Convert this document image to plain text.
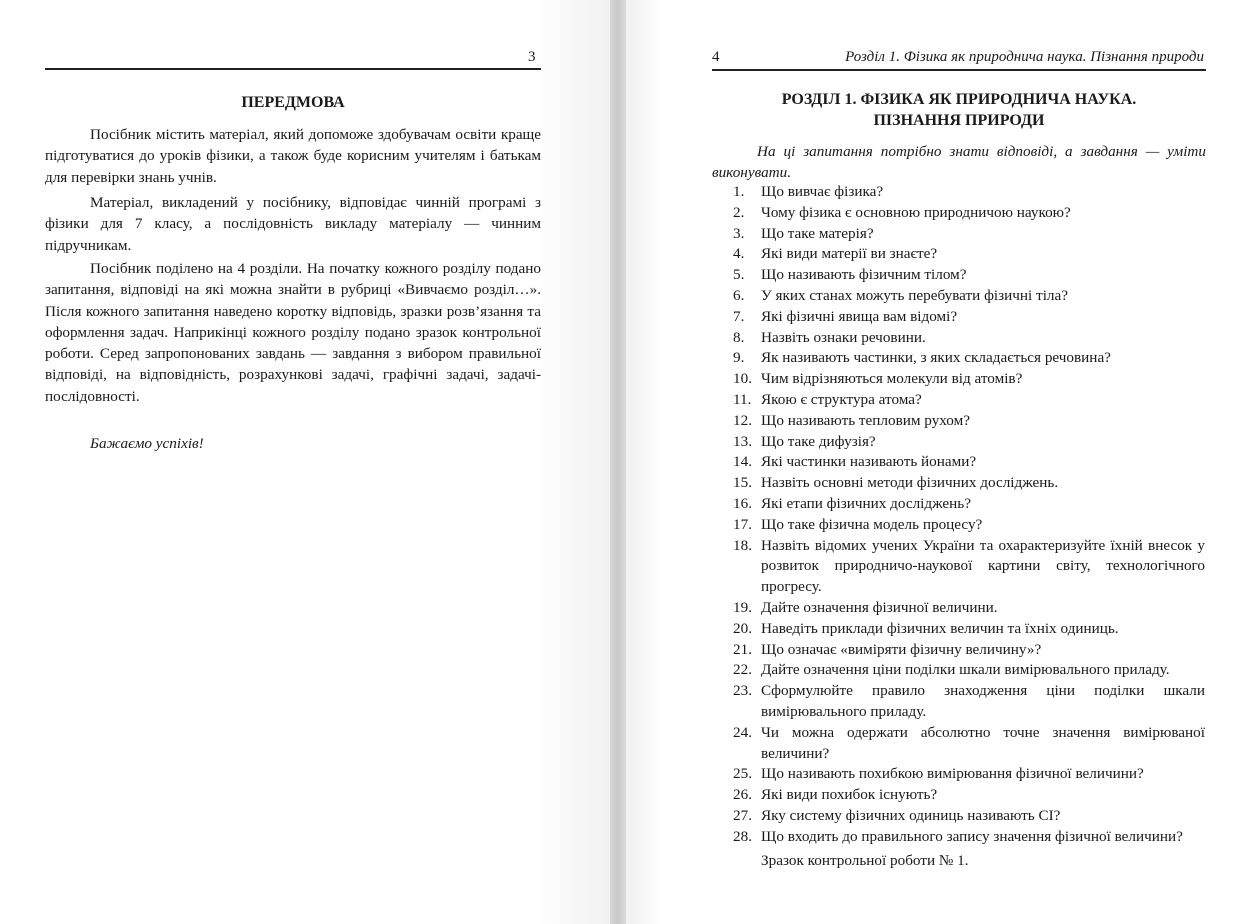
3
ПЕРЕДМОВА
Посібник містить матеріал, який допоможе здобувачам освіти краще підготуватися до уроків фізики, а також буде корисним учителям і батькам для перевірки знань учнів.
Матеріал, викладений у посібнику, відповідає чинній програмі з фізики для 7 класу, а послідовність викладу матеріалу — чинним підручникам.
Посібник поділено на 4 розділи. На початку кожного розділу подано запитання, відповіді на які можна знайти в рубриці «Вивчаємо розділ…». Після кожного запитання наведено коротку відповідь, зразки розв’язання та оформлення задач. Наприкінці кожного розділу подано зразок контрольної роботи. Серед запропонованих завдань — завдання з вибором правильної відповіді, на відповідність, розрахункові задачі, графічні задачі, задачі-послідовності.
Бажаємо успіхів!
4	Розділ 1. Фізика як природнича наука. Пізнання природи
РОЗДІЛ 1. ФІЗИКА ЯК ПРИРОДНИЧА НАУКА.
ПІЗНАННЯ ПРИРОДИ
На ці запитання потрібно знати відповіді, а завдання — уміти виконувати.
1. Що вивчає фізика?
2. Чому фізика є основною природничою наукою?
3. Що таке матерія?
4. Які види матерії ви знаєте?
5. Що називають фізичним тілом?
6. У яких станах можуть перебувати фізичні тіла?
7. Які фізичні явища вам відомі?
8. Назвіть ознаки речовини.
9. Як називають частинки, з яких складається речовина?
10. Чим відрізняються молекули від атомів?
11. Якою є структура атома?
12. Що називають тепловим рухом?
13. Що таке дифузія?
14. Які частинки називають йонами?
15. Назвіть основні методи фізичних досліджень.
16. Які етапи фізичних досліджень?
17. Що таке фізична модель процесу?
18. Назвіть відомих учених України та охарактеризуйте їхній внесок у розвиток природничо-наукової картини світу, технологічного прогресу.
19. Дайте означення фізичної величини.
20. Наведіть приклади фізичних величин та їхніх одиниць.
21. Що означає «виміряти фізичну величину»?
22. Дайте означення ціни поділки шкали вимірювального приладу.
23. Сформулюйте правило знаходження ціни поділки шкали вимірювального приладу.
24. Чи можна одержати абсолютно точне значення вимірюваної величини?
25. Що називають похибкою вимірювання фізичної величини?
26. Які види похибок існують?
27. Яку систему фізичних одиниць називають СІ?
28. Що входить до правильного запису значення фізичної величини?
Зразок контрольної роботи № 1.
